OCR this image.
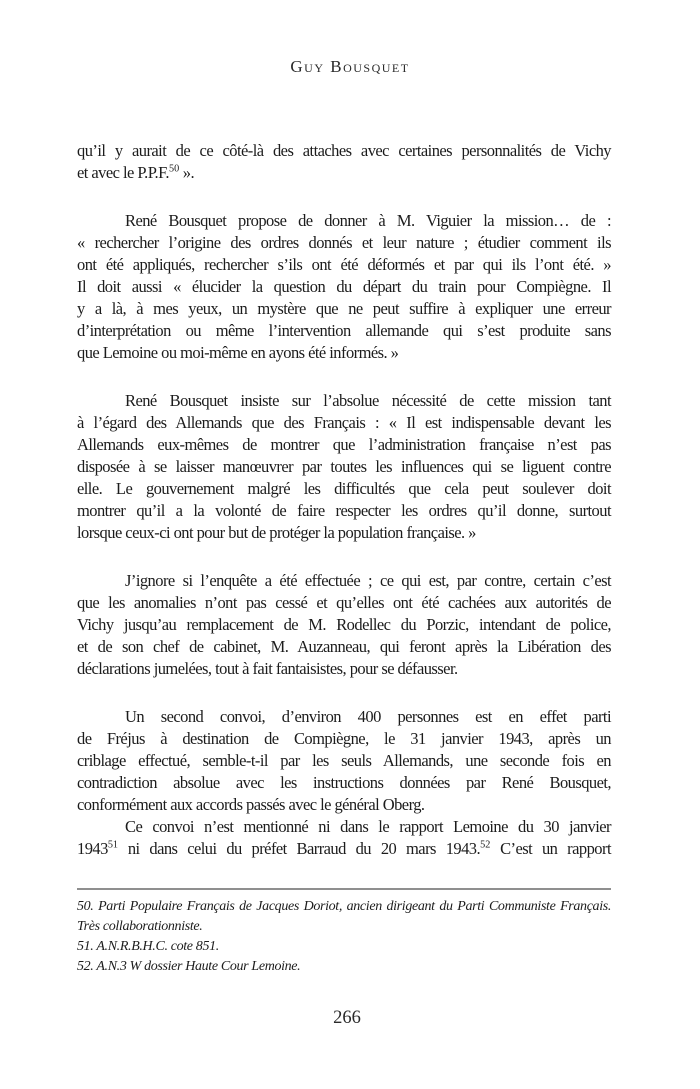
Guy Bousquet
qu’il y aurait de ce côté-là des attaches avec certaines personnalités de Vichy
et avec le P.P.F.$^{50}$ ».
René Bousquet propose de donner à M. Viguier la mission… de :
« rechercher l’origine des ordres donnés et leur nature ; étudier comment ils
ont été appliqués, rechercher s’ils ont été déformés et par qui ils l’ont été. »
Il doit aussi « élucider la question du départ du train pour Compiègne. Il
y a là, à mes yeux, un mystère que ne peut suffire à expliquer une erreur
d’interprétation ou même l’intervention allemande qui s’est produite sans
que Lemoine ou moi-même en ayons été informés. »
René Bousquet insiste sur l’absolue nécessité de cette mission tant
à l’égard des Allemands que des Français : « Il est indispensable devant les
Allemands eux-mêmes de montrer que l’administration française n’est pas
disposée à se laisser manœuvrer par toutes les influences qui se liguent contre
elle. Le gouvernement malgré les difficultés que cela peut soulever doit
montrer qu’il a la volonté de faire respecter les ordres qu’il donne, surtout
lorsque ceux-ci ont pour but de protéger la population française. »
J’ignore si l’enquête a été effectuée ; ce qui est, par contre, certain c’est
que les anomalies n’ont pas cessé et qu’elles ont été cachées aux autorités de
Vichy jusqu’au remplacement de M. Rodellec du Porzic, intendant de police,
et de son chef de cabinet, M. Auzanneau, qui feront après la Libération des
déclarations jumelées, tout à fait fantaisistes, pour se défausser.
Un second convoi, d’environ 400 personnes est en effet parti
de Fréjus à destination de Compiègne, le 31 janvier 1943, après un
criblage effectué, semble-t-il par les seuls Allemands, une seconde fois en
contradiction absolue avec les instructions données par René Bousquet,
conformément aux accords passés avec le général Oberg.
Ce convoi n’est mentionné ni dans le rapport Lemoine du 30 janvier
1943$^{51}$ ni dans celui du préfet Barraud du 20 mars 1943.52 C’est un rapport
50. Parti Populaire Français de Jacques Doriot, ancien dirigeant du Parti Communiste Français.
Très collaborationniste.
51. A.N.R.B.H.C. cote 851.
52. A.N.3 W dossier Haute Cour Lemoine.
266
